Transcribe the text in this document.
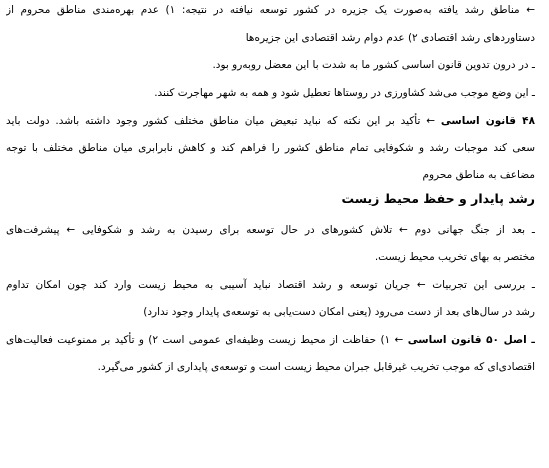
← مناطق رشد یافته به‌صورت یک جزیره در کشور توسعه نیافته در نتیجه: ۱) عدم بهره‌مندی مناطق محروم از
دستاوردهای رشد اقتصادی ۲) عدم دوام رشد اقتصادی این جزیره‌ها
ـ در درون تدوین قانون اساسی کشور ما به شدت با این معضل روبه‌رو بود.
ـ این وضع موجب می‌شد کشاورزی در روستاها تعطیل شود و همه به شهر مهاجرت کنند.
۴۸ قانون اساسی ← تأکید بر این نکته که نباید تبعیض میان مناطق مختلف کشور وجود داشته باشد. دولت باید
سعی کند موجبات رشد و شکوفایی تمام مناطق کشور را فراهم کند و کاهش نابرابری میان مناطق مختلف با توجه
مضاعف به مناطق محروم
رشد پایدار و حفظ محیط زیست
ـ بعد از جنگ جهانی دوم ← تلاش کشورهای در حال توسعه برای رسیدن به رشد و شکوفایی ← پیشرفت‌های
مختصر به بهای تخریب محیط زیست.
ـ بررسی این تجربیات ← جریان توسعه و رشد اقتصاد نباید آسیبی به محیط زیست وارد کند چون امکان تداوم
رشد در سال‌های بعد از دست می‌رود (یعنی امکان دست‌یابی به توسعه‌ی پایدار وجود ندارد)
ـ اصل ۵۰ قانون اساسی ← ۱) حفاظت از محیط زیست وظیفه‌ای عمومی است ۲) و تأکید بر ممنوعیت فعالیت‌های
اقتصادی‌ای که موجب تخریب غیرقابل جبران محیط زیست است و توسعه‌ی پایداری از کشور می‌گیرد.
